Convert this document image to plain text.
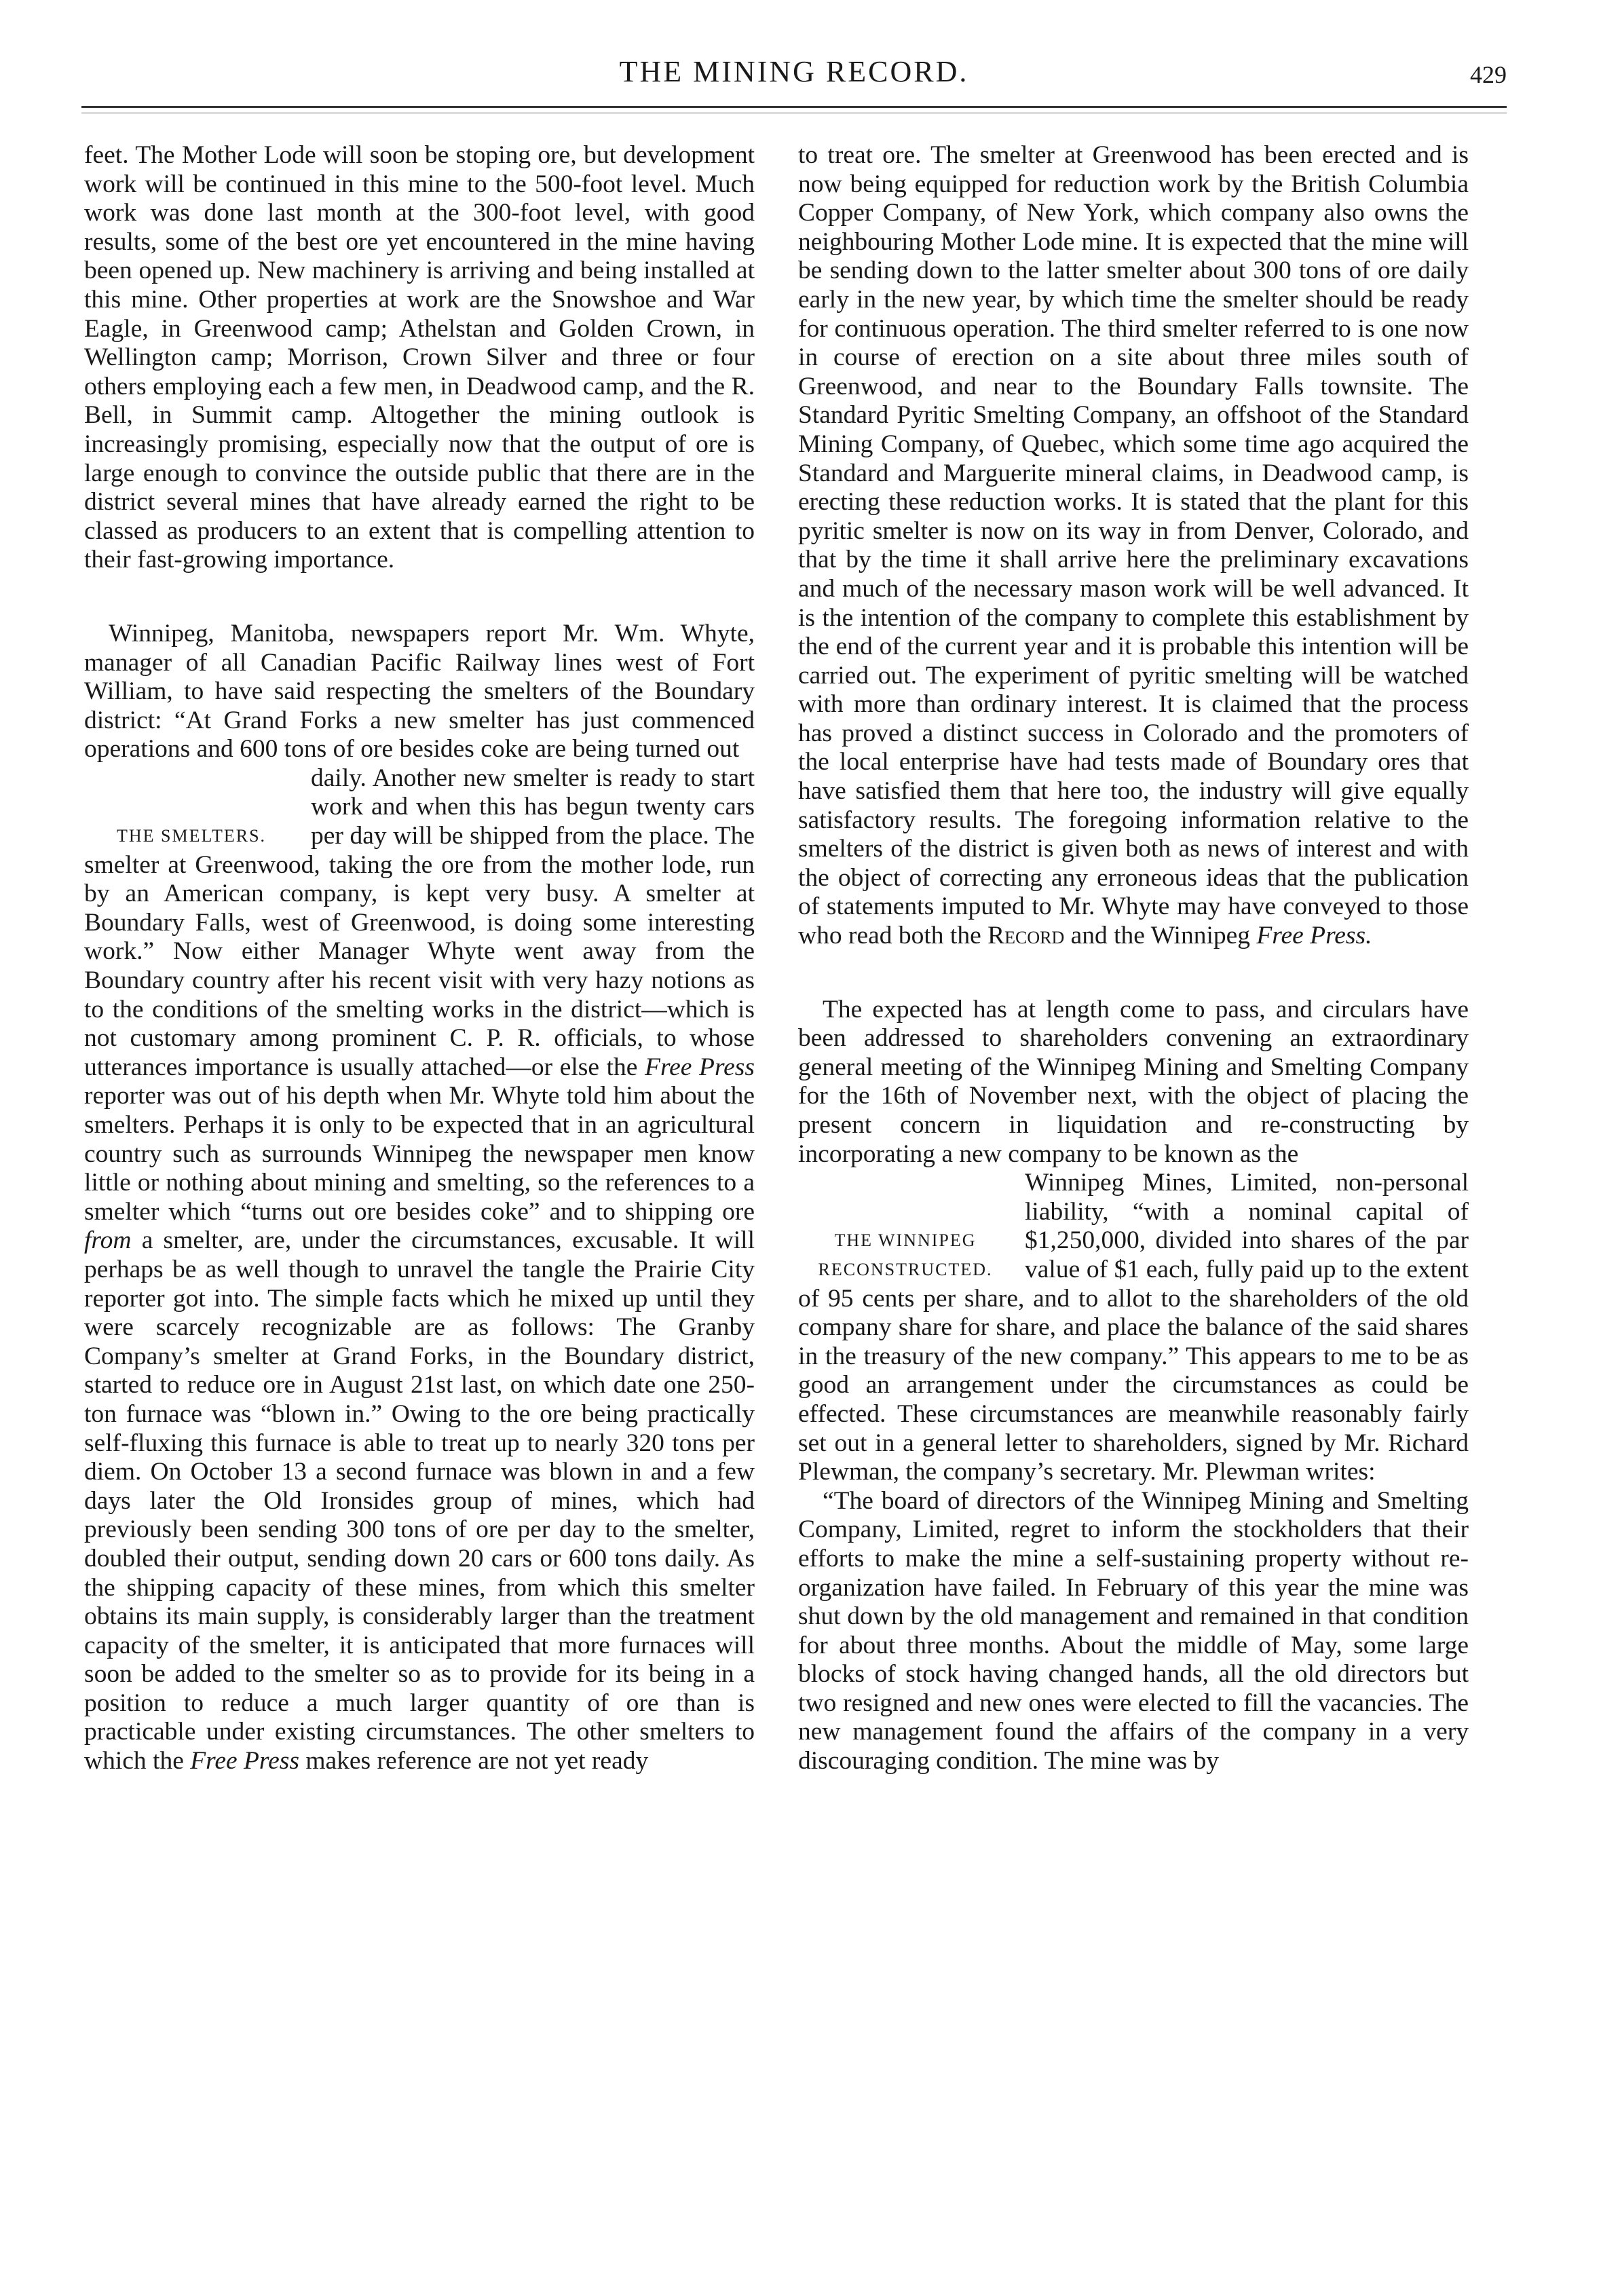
THE MINING RECORD.	429

feet. The Mother Lode will soon be stoping ore, but development work will be continued in this mine to the 500-foot level. Much work was done last month at the 300-foot level, with good results, some of the best ore yet encountered in the mine having been opened up. New machinery is arriving and being installed at this mine. Other properties at work are the Snowshoe and War Eagle, in Greenwood camp; Athelstan and Golden Crown, in Wellington camp; Morrison, Crown Silver and three or four others employing each a few men, in Deadwood camp, and the R. Bell, in Summit camp. Altogether the mining outlook is increasingly promising, especially now that the output of ore is large enough to convince the outside public that there are in the district several mines that have already earned the right to be classed as producers to an extent that is compelling attention to their fast-growing importance.

Winnipeg, Manitoba, newspapers report Mr. Wm. Whyte, manager of all Canadian Pacific Railway lines west of Fort William, to have said respecting the smelters of the Boundary district: “At Grand Forks a new smelter has just commenced operations and 600 tons of ore besides coke are being turned out

THE SMELTERS.

daily. Another new smelter is ready to start work and when this has begun twenty cars per day will be shipped from the place. The smelter at Greenwood, taking the ore from the mother lode, run by an American company, is kept very busy. A smelter at Boundary Falls, west of Greenwood, is doing some interesting work.” Now either Manager Whyte went away from the Boundary country after his recent visit with very hazy notions as to the conditions of the smelting works in the district—which is not customary among prominent C. P. R. officials, to whose utterances importance is usually attached—or else the Free Press reporter was out of his depth when Mr. Whyte told him about the smelters. Perhaps it is only to be expected that in an agricultural country such as surrounds Winnipeg the newspaper men know little or nothing about mining and smelting, so the references to a smelter which “turns out ore besides coke” and to shipping ore from a smelter, are, under the circumstances, excusable. It will perhaps be as well though to unravel the tangle the Prairie City reporter got into. The simple facts which he mixed up until they were scarcely recognizable are as follows: The Granby Company’s smelter at Grand Forks, in the Boundary district, started to reduce ore in August 21st last, on which date one 250-ton furnace was “blown in.” Owing to the ore being practically self-fluxing this furnace is able to treat up to nearly 320 tons per diem. On October 13 a second furnace was blown in and a few days later the Old Ironsides group of mines, which had previously been sending 300 tons of ore per day to the smelter, doubled their output, sending down 20 cars or 600 tons daily. As the shipping capacity of these mines, from which this smelter obtains its main supply, is considerably larger than the treatment capacity of the smelter, it is anticipated that more furnaces will soon be added to the smelter so as to provide for its being in a position to reduce a much larger quantity of ore than is practicable under existing circumstances. The other smelters to which the Free Press makes reference are not yet ready

to treat ore. The smelter at Greenwood has been erected and is now being equipped for reduction work by the British Columbia Copper Company, of New York, which company also owns the neighbouring Mother Lode mine. It is expected that the mine will be sending down to the latter smelter about 300 tons of ore daily early in the new year, by which time the smelter should be ready for continuous operation. The third smelter referred to is one now in course of erection on a site about three miles south of Greenwood, and near to the Boundary Falls townsite. The Standard Pyritic Smelting Company, an offshoot of the Standard Mining Company, of Quebec, which some time ago acquired the Standard and Marguerite mineral claims, in Deadwood camp, is erecting these reduction works. It is stated that the plant for this pyritic smelter is now on its way in from Denver, Colorado, and that by the time it shall arrive here the preliminary excavations and much of the necessary mason work will be well advanced. It is the intention of the company to complete this establishment by the end of the current year and it is probable this intention will be carried out. The experiment of pyritic smelting will be watched with more than ordinary interest. It is claimed that the process has proved a distinct success in Colorado and the promoters of the local enterprise have had tests made of Boundary ores that have satisfied them that here too, the industry will give equally satisfactory results. The foregoing information relative to the smelters of the district is given both as news of interest and with the object of correcting any erroneous ideas that the publication of statements imputed to Mr. Whyte may have conveyed to those who read both the Record and the Winnipeg Free Press.

The expected has at length come to pass, and circulars have been addressed to shareholders convening an extraordinary general meeting of the Winnipeg Mining and Smelting Company for the 16th of November next, with the object of placing the present concern in liquidation and re-constructing by incorporating a new company to be known as the

THE WINNIPEG RECONSTRUCTED.

Winnipeg Mines, Limited, non-personal liability, “with a nominal capital of $1,250,000, divided into shares of the par value of $1 each, fully paid up to the extent of 95 cents per share, and to allot to the shareholders of the old company share for share, and place the balance of the said shares in the treasury of the new company.” This appears to me to be as good an arrangement under the circumstances as could be effected. These circumstances are meanwhile reasonably fairly set out in a general letter to shareholders, signed by Mr. Richard Plewman, the company’s secretary. Mr. Plewman writes:

“The board of directors of the Winnipeg Mining and Smelting Company, Limited, regret to inform the stockholders that their efforts to make the mine a self-sustaining property without re-organization have failed. In February of this year the mine was shut down by the old management and remained in that condition for about three months. About the middle of May, some large blocks of stock having changed hands, all the old directors but two resigned and new ones were elected to fill the vacancies. The new management found the affairs of the company in a very discouraging condition. The mine was by
